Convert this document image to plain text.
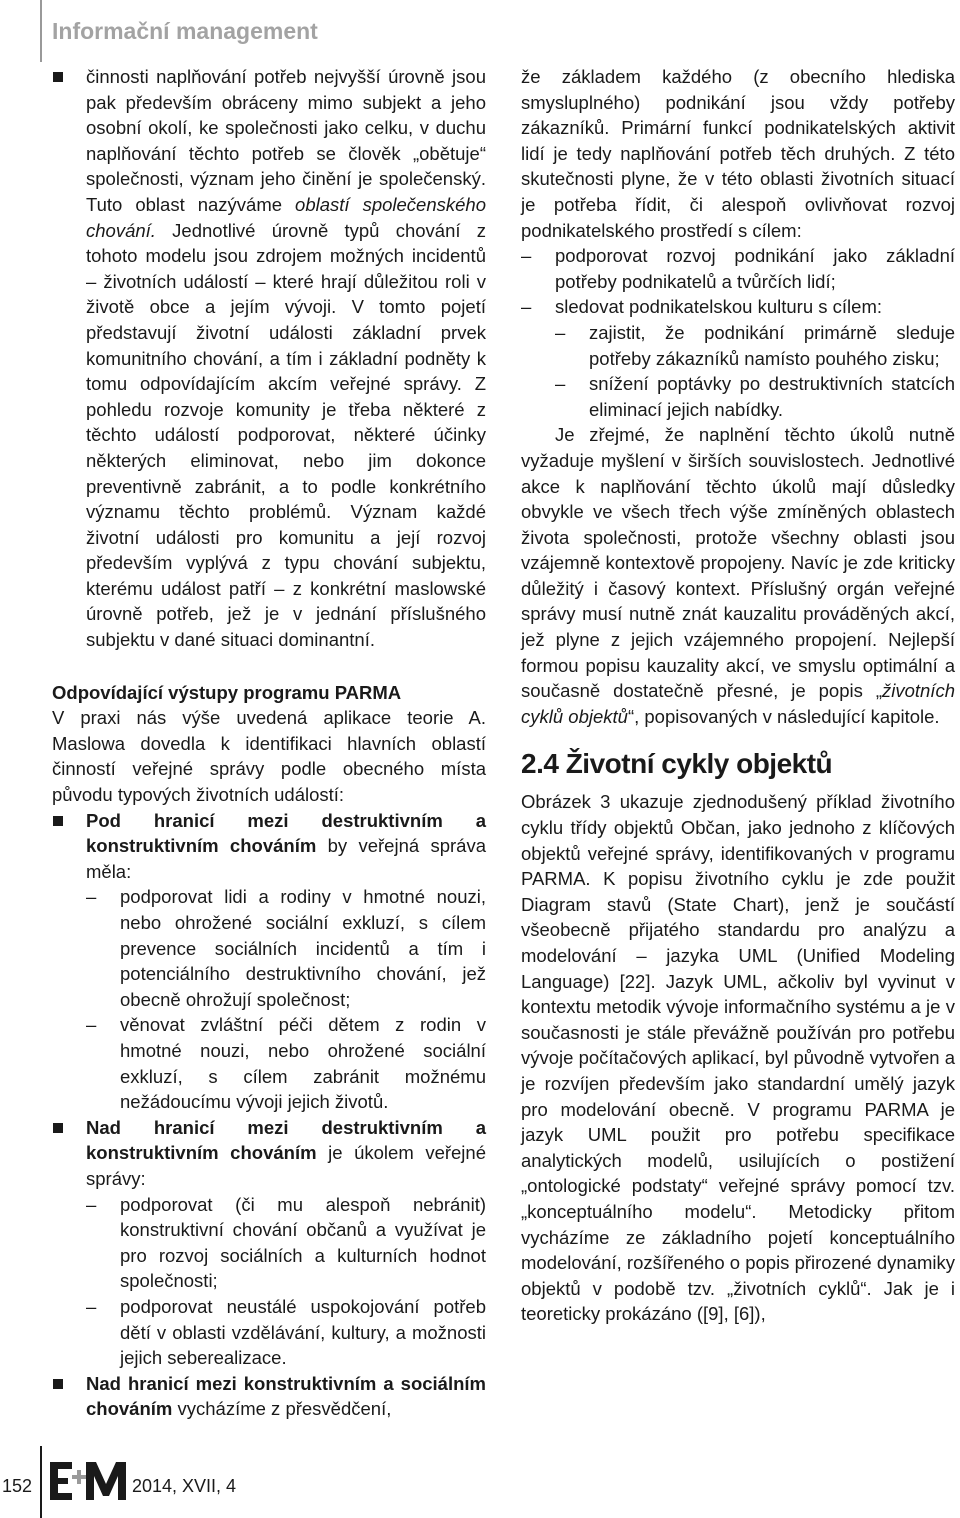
Informační management
činnosti naplňování potřeb nejvyšší úrovně jsou pak především obráceny mimo subjekt a jeho osobní okolí, ke společnosti jako celku, v duchu naplňování těchto potřeb se člověk „obětuje“ společnosti, význam jeho činění je společenský. Tuto oblast nazýváme oblastí společenského chování. Jednotlivé úrovně typů chování z tohoto modelu jsou zdrojem možných incidentů – životních událostí – které hrají důležitou roli v životě obce a jejím vývoji. V tomto pojetí představují životní události základní prvek komunitního chování, a tím i základní podněty k tomu odpovídajícím akcím veřejné správy. Z pohledu rozvoje komunity je třeba některé z těchto událostí podporovat, některé účinky některých eliminovat, nebo jim dokonce preventivně zabránit, a to podle konkrétního významu těchto problémů. Význam každé životní události pro komunitu a její rozvoj především vyplývá z typu chování subjektu, kterému událost patří – z konkrétní maslowské úrovně potřeb, jež je v jednání příslušného subjektu v dané situaci dominantní.

Odpovídající výstupy programu PARMA

V praxi nás výše uvedená aplikace teorie A. Maslowa dovedla k identifikaci hlavních oblastí činností veřejné správy podle obecného místa původu typových životních událostí:

Pod hranicí mezi destruktivním a konstruktivním chováním by veřejná správa měla:
– podporovat lidi a rodiny v hmotné nouzi, nebo ohrožené sociální exkluzí, s cílem prevence sociálních incidentů a tím i potenciálního destruktivního chování, jež obecně ohrožují společnost;
– věnovat zvláštní péči dětem z rodin v hmotné nouzi, nebo ohrožené sociální exkluzí, s cílem zabránit možnému nežádoucímu vývoji jejich životů.
Nad hranicí mezi destruktivním a konstruktivním chováním je úkolem veřejné správy:
– podporovat (či mu alespoň nebránit) konstruktivní chování občanů a využívat je pro rozvoj sociálních a kulturních hodnot společnosti;
– podporovat neustálé uspokojování potřeb dětí v oblasti vzdělávání, kultury, a možnosti jejich seberealizace.
Nad hranicí mezi konstruktivním a sociálním chováním vycházíme z přesvědčení,

že základem každého (z obecního hlediska smysluplného) podnikání jsou vždy potřeby zákazníků. Primární funkcí podnikatelských aktivit lidí je tedy naplňování potřeb těch druhých. Z této skutečnosti plyne, že v této oblasti životních situací je potřeba řídit, či alespoň ovlivňovat rozvoj podnikatelského prostředí s cílem:

– podporovat rozvoj podnikání jako základní potřeby podnikatelů a tvůrčích lidí;
– sledovat podnikatelskou kulturu s cílem:
– zajistit, že podnikání primárně sleduje potřeby zákazníků namísto pouhého zisku;
– snížení poptávky po destruktivních statcích eliminací jejich nabídky.

Je zřejmé, že naplnění těchto úkolů nutně vyžaduje myšlení v širších souvislostech. Jednotlivé akce k naplňování těchto úkolů mají důsledky obvykle ve všech třech výše zmíněných oblastech života společnosti, protože všechny oblasti jsou vzájemně kontextově propojeny. Navíc je zde kriticky důležitý i časový kontext. Příslušný orgán veřejné správy musí nutně znát kauzalitu prováděných akcí, jež plyne z jejich vzájemného propojení. Nejlepší formou popisu kauzality akcí, ve smyslu optimální a současně dostatečně přesné, je popis „životních cyklů objektů“, popisovaných v následující kapitole.

2.4 Životní cykly objektů

Obrázek 3 ukazuje zjednodušený příklad životního cyklu třídy objektů Občan, jako jednoho z klíčových objektů veřejné správy, identifikovaných v programu PARMA. K popisu životního cyklu je zde použit Diagram stavů (State Chart), jenž je součástí všeobecně přijatého standardu pro analýzu a modelování – jazyka UML (Unified Modeling Language) [22]. Jazyk UML, ačkoliv byl vyvinut v kontextu metodik vývoje informačního systému a je v současnosti je stále převážně používán pro potřebu vývoje počítačových aplikací, byl původně vytvořen a je rozvíjen především jako standardní umělý jazyk pro modelování obecně. V programu PARMA je jazyk UML použit pro potřebu specifikace analytických modelů, usilujících o postižení „ontologické podstaty“ veřejné správy pomocí tzv. „konceptuálního modelu“. Metodicky přitom vycházíme ze základního pojetí konceptuálního modelování, rozšířeného o popis přirozené dynamiky objektů v podobě tzv. „životních cyklů“. Jak je i teoreticky prokázáno ([9], [6]),

152	2014, XVII, 4
